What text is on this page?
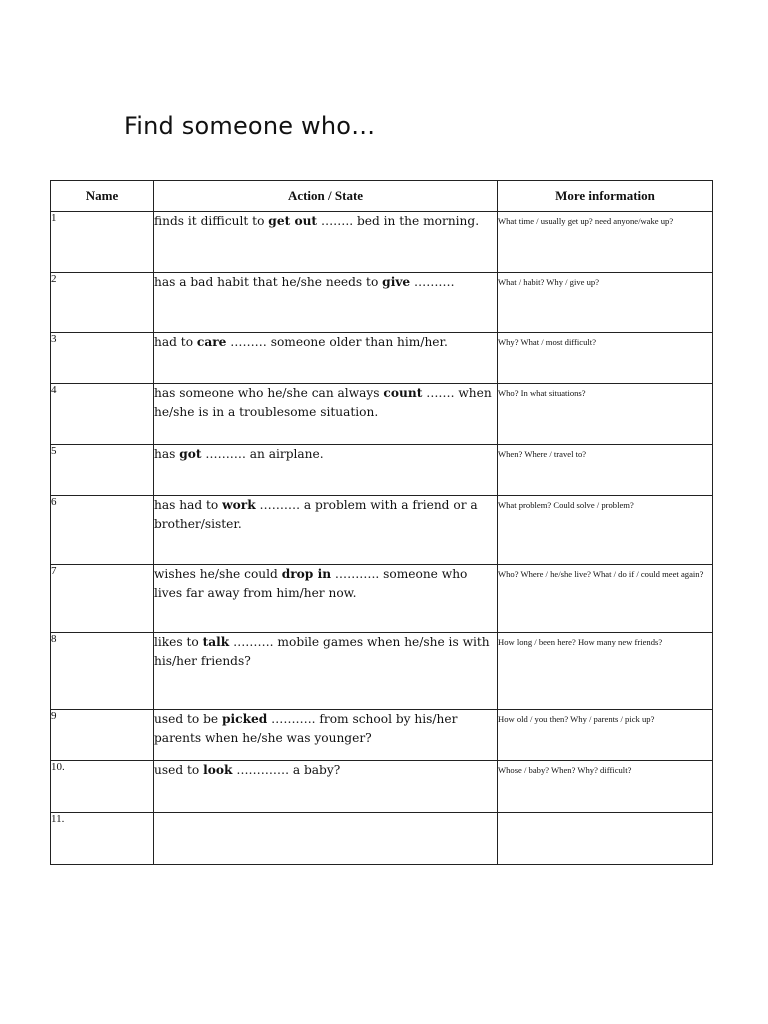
Find someone who…
Name	Action / State	More information
1	finds it difficult to get out …….. bed in the morning.	What time / usually get up? need anyone/wake up?
2	has a bad habit that he/she needs to give ……….	What / habit? Why / give up?
3	had to care ……… someone older than him/her.	Why? What / most difficult?
4	has someone who he/she can always count ……. when he/she is in a troublesome situation.	Who? In what situations?
5	has got ………. an airplane.	When? Where / travel to?
6	has had to work ………. a problem with a friend or a brother/sister.	What problem? Could solve / problem?
7	wishes he/she could drop in ……….. someone who lives far away from him/her now.	Who? Where / he/she live? What / do if / could meet again?
8	likes to talk ………. mobile games when he/she is with his/her friends?	How long / been here? How many new friends?
9	used to be picked ……….. from school by his/her parents when he/she was younger?	How old / you then? Why / parents / pick up?
10.	used to look …………. a baby?	Whose / baby? When? Why? difficult?
11.		
